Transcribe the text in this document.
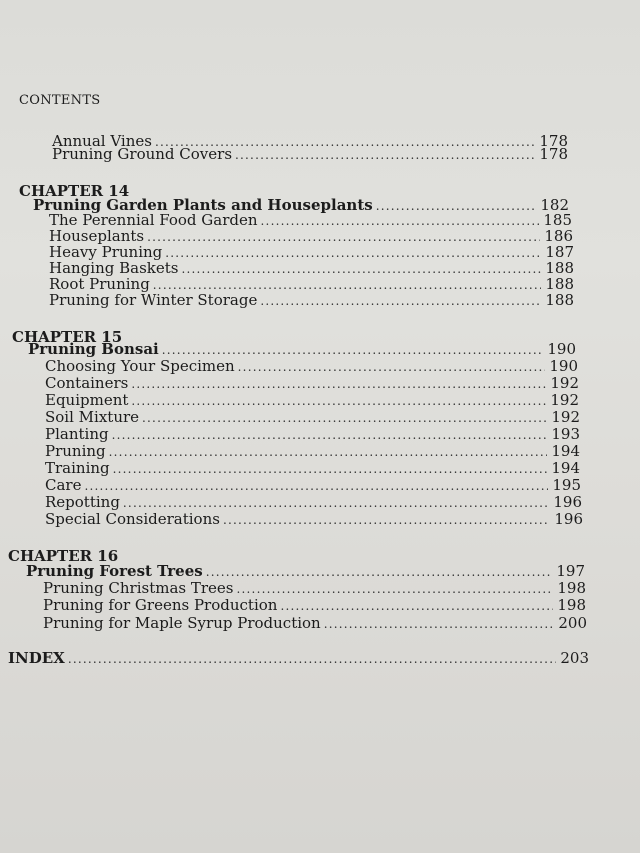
CONTENTS
Annual Vines .....	178
Pruning Ground Covers .....	178
CHAPTER 14
Pruning Garden Plants and Houseplants .....	182
The Perennial Food Garden .....	185
Houseplants .....	186
Heavy Pruning .....	187
Hanging Baskets .....	188
Root Pruning .....	188
Pruning for Winter Storage .....	188
CHAPTER 15
Pruning Bonsai .....	190
Choosing Your Specimen .....	190
Containers .....	192
Equipment .....	192
Soil Mixture .....	192
Planting .....	193
Pruning .....	194
Training .....	194
Care .....	195
Repotting .....	196
Special Considerations .....	196
CHAPTER 16
Pruning Forest Trees .....	197
Pruning Christmas Trees .....	198
Pruning for Greens Production .....	198
Pruning for Maple Syrup Production .....	200
INDEX .....	203
